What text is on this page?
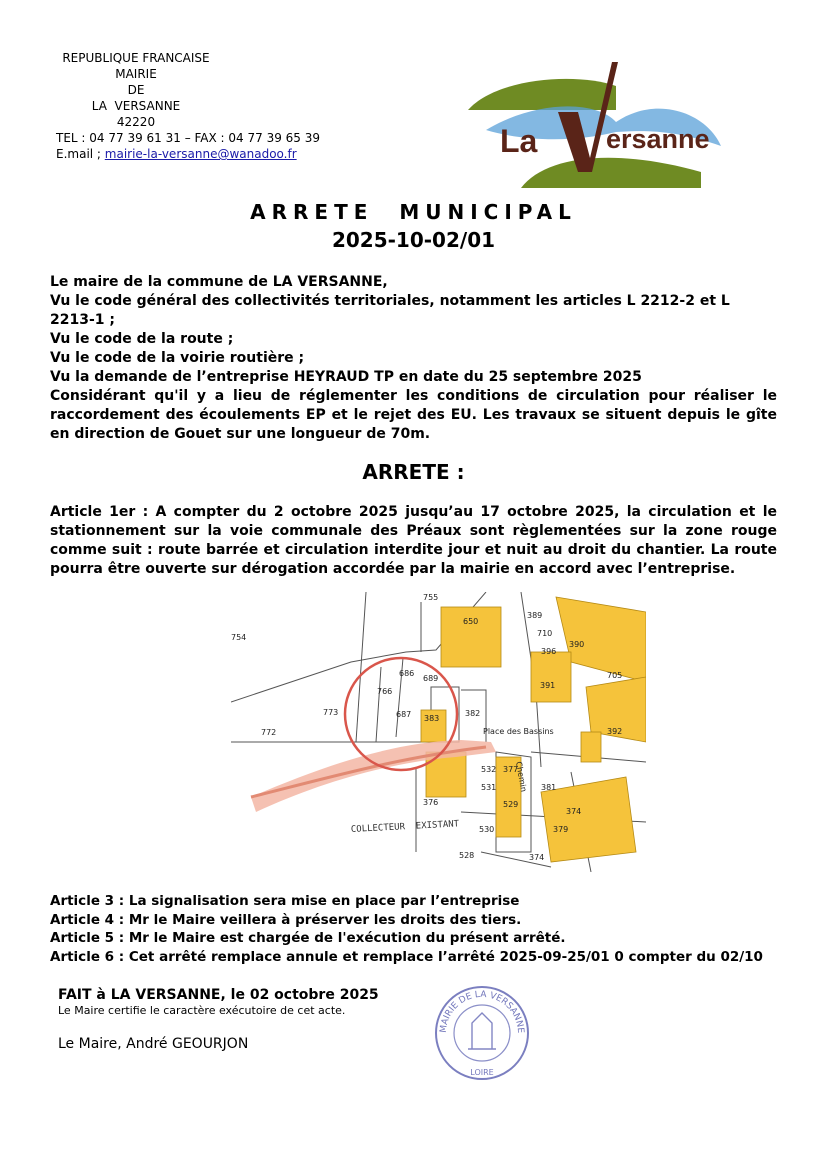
REPUBLIQUE FRANCAISE
MAIRIE
DE
LA  VERSANNE
42220
TEL : 04 77 39 61 31 – FAX : 04 77 39 65 39
E.mail ; mairie-la-versanne@wanadoo.fr	La	ersanne
ARRETE  MUNICIPAL
2025-10-02/01

Le maire de la commune de LA VERSANNE,

Vu le code général des collectivités territoriales, notamment les articles L 2212-2 et L 2213-1 ;

Vu le code de la route ;

Vu le code de la voirie routière ;

Vu la demande de l’entreprise HEYRAUD TP en date du 25 septembre 2025

Considérant qu'il y a lieu de réglementer les conditions de circulation pour réaliser le raccordement des écoulements EP et le rejet des EU. Les travaux se situent depuis le gîte en direction de Gouet sur une longueur de 70m.

ARRETE :
Article 1er : A compter du 2 octobre 2025 jusqu’au 17 octobre 2025, la circulation et le stationnement sur la voie communale des Préaux sont règlementées sur la zone rouge comme suit : route barrée et circulation interdite jour et nuit au droit du chantier. La route pourra être ouverte sur dérogation accordée par la mairie en accord avec l’entreprise.
755
754
650
389
710
390
396
391
705
392
773
772
766
686
689
687 383
382
532 377
381
374
529
531
376
379
530
528	374
Place des Bassins
Chemin
COLLECTEUR  EXISTANT

Article 3 : La signalisation sera mise en place par l’entreprise

Article 4 : Mr le Maire veillera à préserver les droits des tiers.

Article 5 : Mr le Maire est chargée de l'exécution du présent arrêté.

Article 6 : Cet arrêté remplace annule et remplace l’arrêté 2025-09-25/01 0 compter du 02/10

FAIT à LA VERSANNE, le 02 octobre 2025
Le Maire certifie le caractère exécutoire de cet acte.
Le Maire, André GEOURJON
MAIRIE DE LA VERSANNE
LOIRE
